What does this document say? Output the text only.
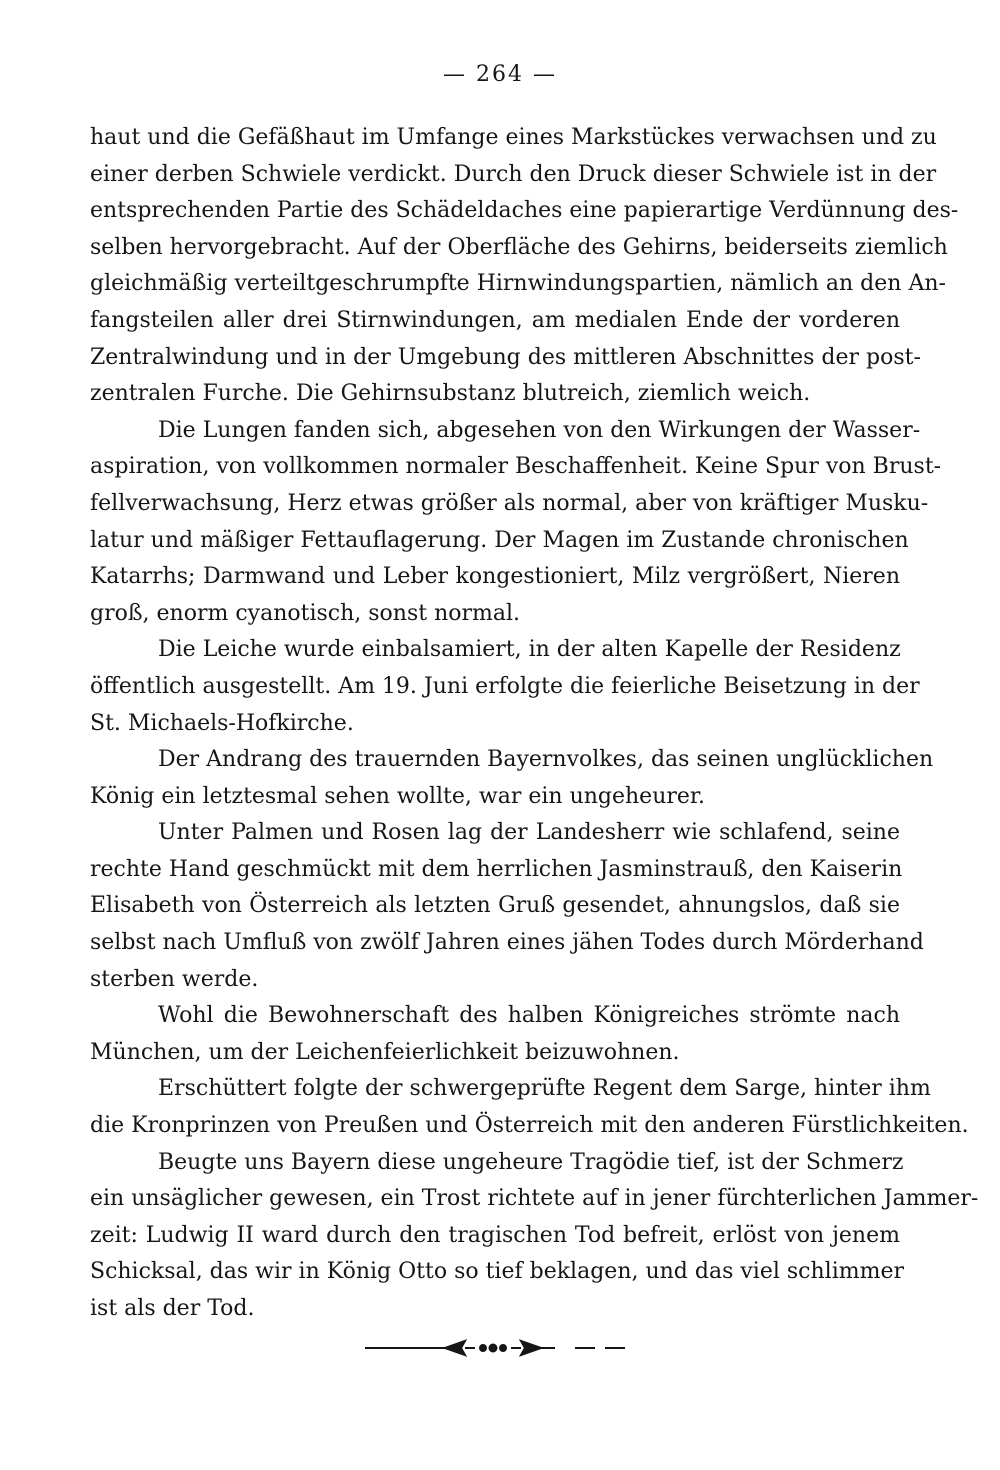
— 264 —
haut und die Gefäßhaut im Umfange eines Markstückes verwachsen und zu
einer derben Schwiele verdickt. Durch den Druck dieser Schwiele ist in der
entsprechenden Partie des Schädeldaches eine papierartige Verdünnung des-
selben hervorgebracht. Auf der Oberfläche des Gehirns, beiderseits ziemlich
gleichmäßig verteiltgeschrumpfte Hirnwindungspartien, nämlich an den An-
fangsteilen aller drei Stirnwindungen, am medialen Ende der vorderen
Zentralwindung und in der Umgebung des mittleren Abschnittes der post-
zentralen Furche. Die Gehirnsubstanz blutreich, ziemlich weich.
Die Lungen fanden sich, abgesehen von den Wirkungen der Wasser-
aspiration, von vollkommen normaler Beschaffenheit. Keine Spur von Brust-
fellverwachsung, Herz etwas größer als normal, aber von kräftiger Musku-
latur und mäßiger Fettauflagerung. Der Magen im Zustande chronischen
Katarrhs; Darmwand und Leber kongestioniert, Milz vergrößert, Nieren
groß, enorm cyanotisch, sonst normal.
Die Leiche wurde einbalsamiert, in der alten Kapelle der Residenz
öffentlich ausgestellt. Am 19. Juni erfolgte die feierliche Beisetzung in der
St. Michaels-Hofkirche.
Der Andrang des trauernden Bayernvolkes, das seinen unglücklichen
König ein letztesmal sehen wollte, war ein ungeheurer.
Unter Palmen und Rosen lag der Landesherr wie schlafend, seine
rechte Hand geschmückt mit dem herrlichen Jasminstrauß, den Kaiserin
Elisabeth von Österreich als letzten Gruß gesendet, ahnungslos, daß sie
selbst nach Umfluß von zwölf Jahren eines jähen Todes durch Mörderhand
sterben werde.
Wohl die Bewohnerschaft des halben Königreiches strömte nach
München, um der Leichenfeierlichkeit beizuwohnen.
Erschüttert folgte der schwergeprüfte Regent dem Sarge, hinter ihm
die Kronprinzen von Preußen und Österreich mit den anderen Fürstlichkeiten.
Beugte uns Bayern diese ungeheure Tragödie tief, ist der Schmerz
ein unsäglicher gewesen, ein Trost richtete auf in jener fürchterlichen Jammer-
zeit: Ludwig II ward durch den tragischen Tod befreit, erlöst von jenem
Schicksal, das wir in König Otto so tief beklagen, und das viel schlimmer
ist als der Tod.
